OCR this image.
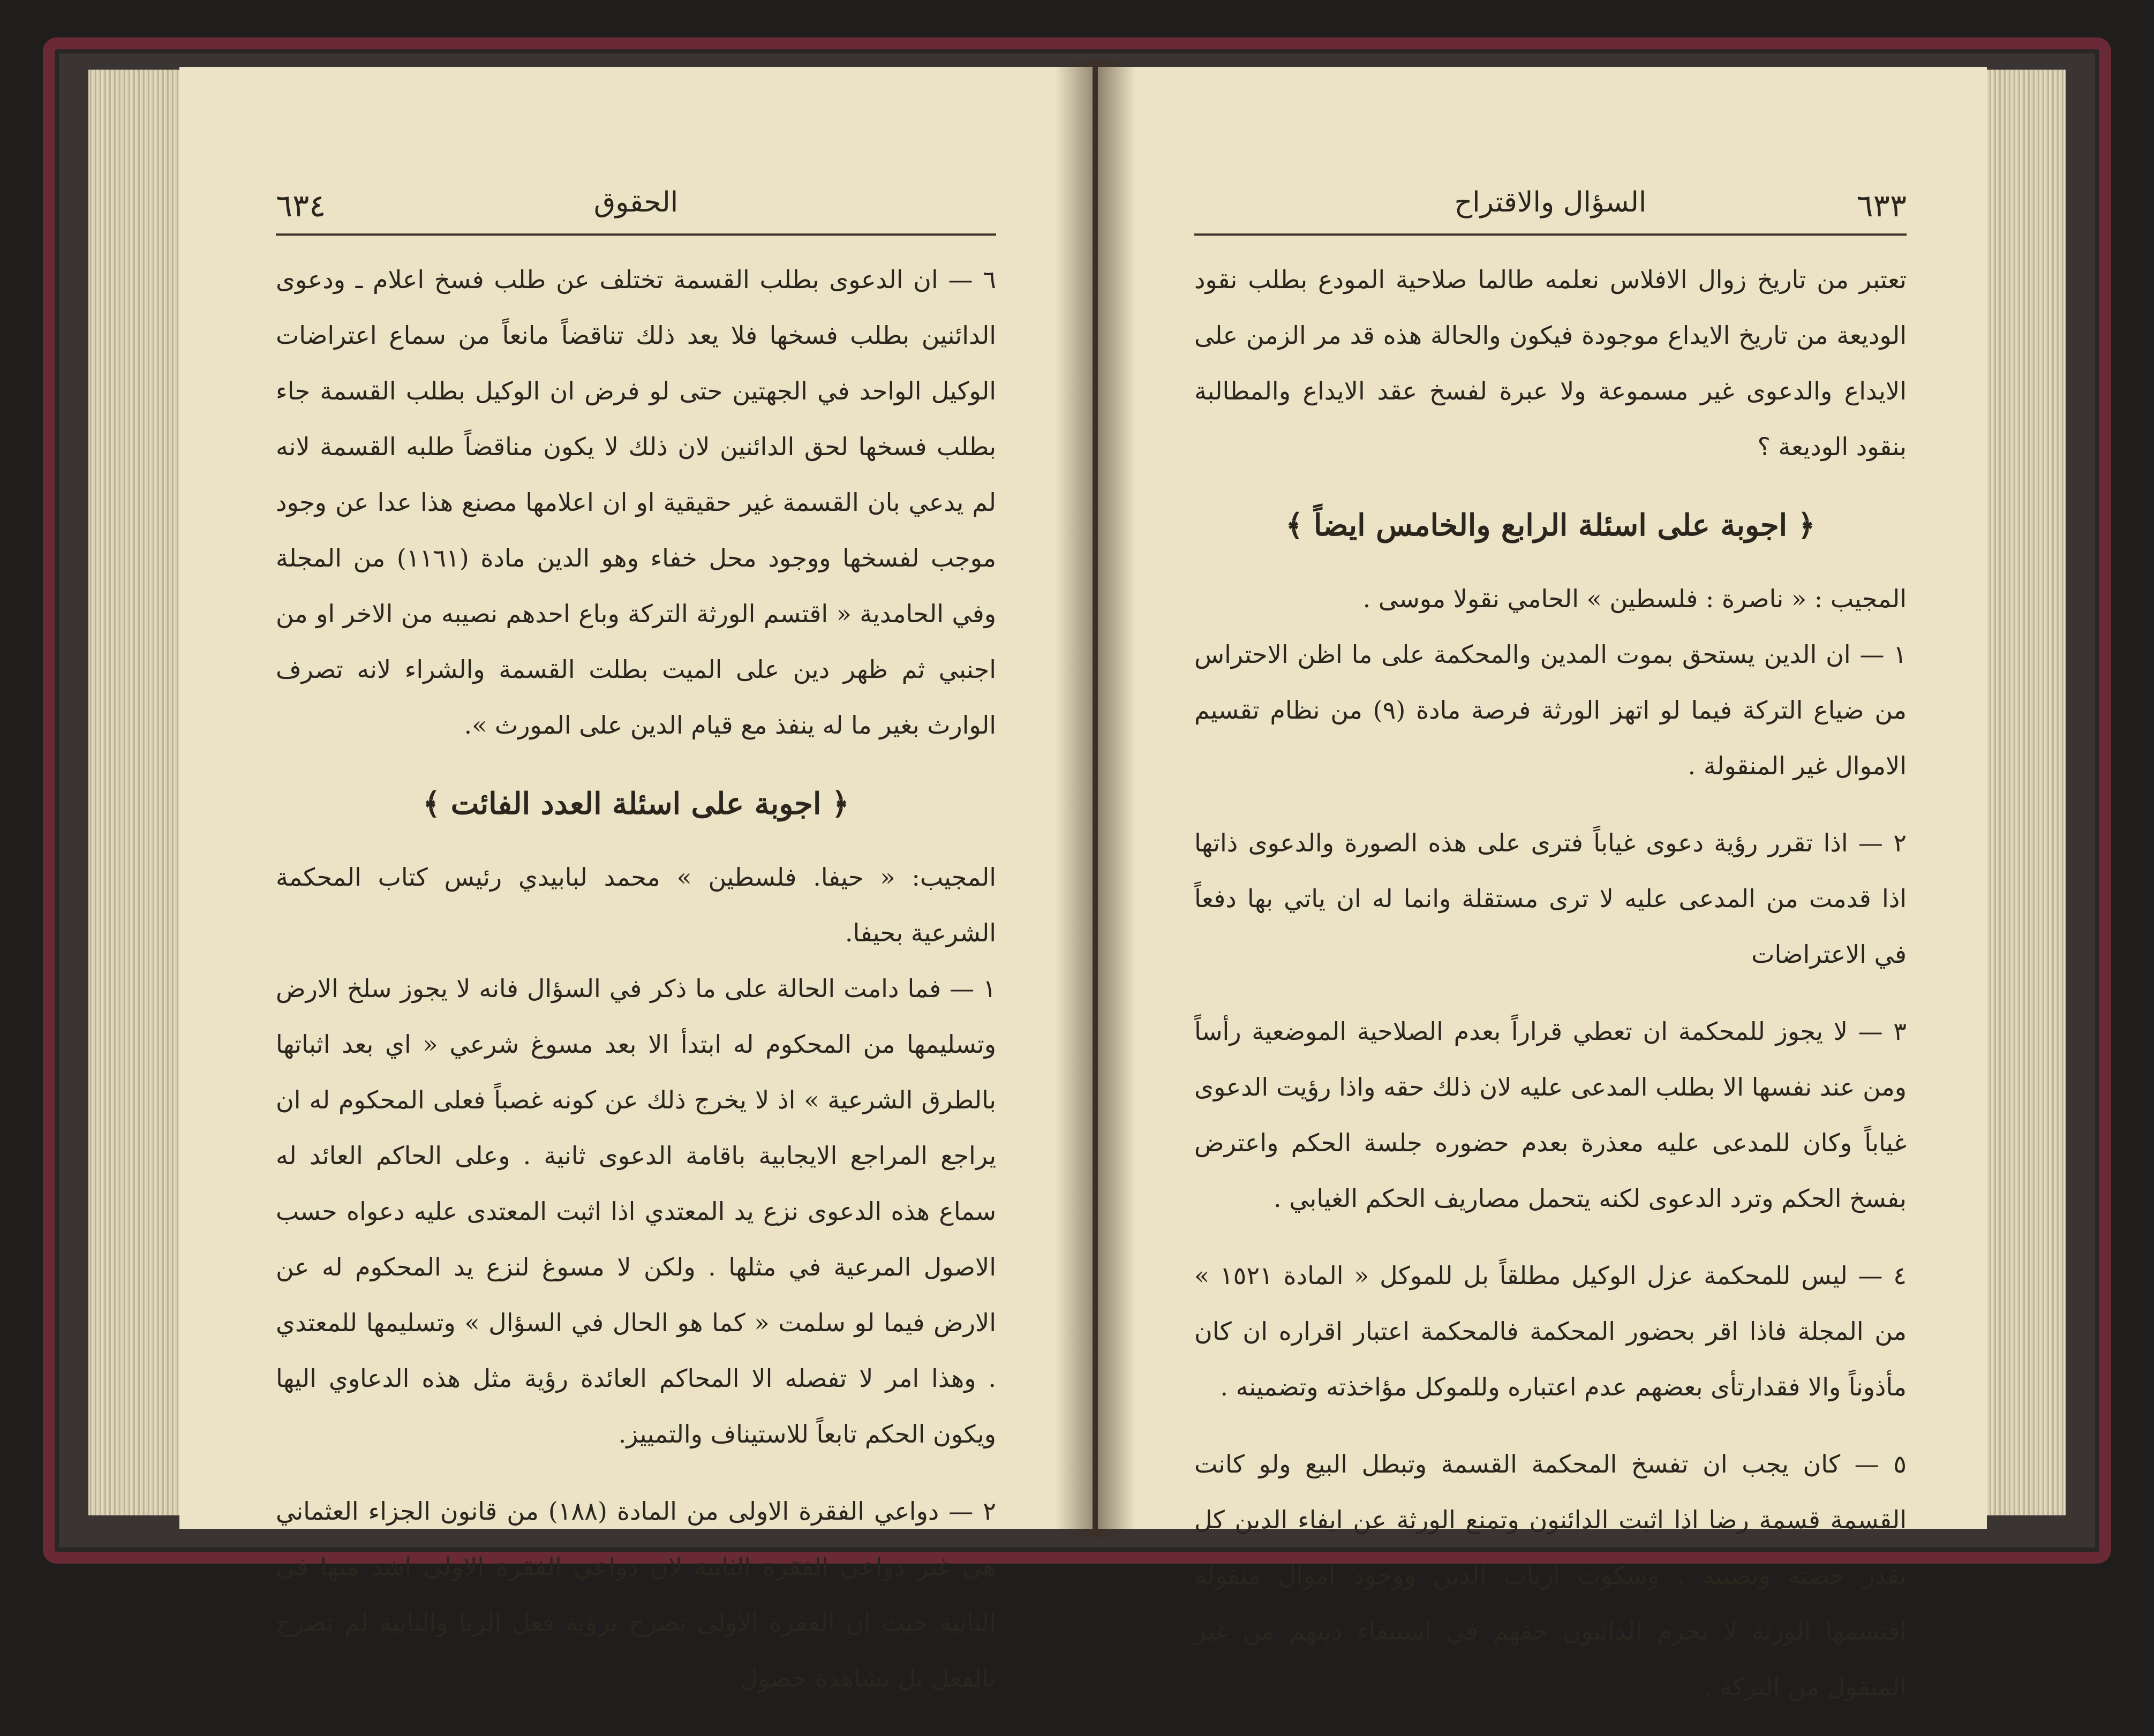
٦٣٤	الحقوق

٦ — ان الدعوى بطلب القسمة تختلف عن طلب فسخ اعلام ـ ودعوى الدائنين بطلب فسخها فلا يعد ذلك تناقضاً مانعاً من سماع اعتراضات الوكيل الواحد في الجهتين حتى لو فرض ان الوكيل بطلب القسمة جاء بطلب فسخها لحق الدائنين لان ذلك لا يكون مناقضاً طلبه القسمة لانه لم يدعي بان القسمة غير حقيقية او ان اعلامها مصنع هذا عدا عن وجود موجب لفسخها ووجود محل خفاء وهو الدين مادة (١١٦١) من المجلة وفي الحامدية « اقتسم الورثة التركة وباع احدهم نصيبه من الاخر او من اجنبي ثم ظهر دين على الميت بطلت القسمة والشراء لانه تصرف الوارث بغير ما له ينفذ مع قيام الدين على المورث ».

﴿ اجوبة على اسئلة العدد الفائت ﴾

المجيب: « حيفا. فلسطين » محمد لبابيدي رئيس كتاب المحكمة الشرعية بحيفا.

١ — فما دامت الحالة على ما ذكر في السؤال فانه لا يجوز سلخ الارض وتسليمها من المحكوم له ابتدأ الا بعد مسوغ شرعي « اي بعد اثباتها بالطرق الشرعية » اذ لا يخرج ذلك عن كونه غصباً فعلى المحكوم له ان يراجع المراجع الايجابية باقامة الدعوى ثانية . وعلى الحاكم العائد له سماع هذه الدعوى نزع يد المعتدي اذا اثبت المعتدى عليه دعواه حسب الاصول المرعية في مثلها . ولكن لا مسوغ لنزع يد المحكوم له عن الارض فيما لو سلمت « كما هو الحال في السؤال » وتسليمها للمعتدي . وهذا امر لا تفصله الا المحاكم العائدة رؤية مثل هذه الدعاوي اليها ويكون الحكم تابعاً للاستيناف والتمييز.

٢ — دواعي الفقرة الاولى من المادة (١٨٨) من قانون الجزاء العثماني هي غير دواعي الفقرة الثانية لان دواعي الفقرة الاولى اشد منها في الثانية حيث ان الفقرة الاولى تصرح برؤية فعل الزنا والثانية لم تصرح بالفعل بل بشاهدة حصول

٦٣٣
السؤال والاقتراح

تعتبر من تاريخ زوال الافلاس نعلمه طالما صلاحية المودع بطلب نقود الوديعة من تاريخ الايداع موجودة فيكون والحالة هذه قد مر الزمن على الايداع والدعوى غير مسموعة ولا عبرة لفسخ عقد الايداع والمطالبة بنقود الوديعة ؟

﴿ اجوبة على اسئلة الرابع والخامس ايضاً ﴾

المجيب : « ناصرة : فلسطين » الحامي نقولا موسى .

١ — ان الدين يستحق بموت المدين والمحكمة على ما اظن الاحتراس من ضياع التركة فيما لو اتهز الورثة فرصة مادة (٩) من نظام تقسيم الاموال غير المنقولة .

٢ — اذا تقرر رؤية دعوى غياباً فترى على هذه الصورة والدعوى ذاتها اذا قدمت من المدعى عليه لا ترى مستقلة وانما له ان ياتي بها دفعاً في الاعتراضات

٣ — لا يجوز للمحكمة ان تعطي قراراً بعدم الصلاحية الموضعية رأساً ومن عند نفسها الا بطلب المدعى عليه لان ذلك حقه واذا رؤيت الدعوى غياباً وكان للمدعى عليه معذرة بعدم حضوره جلسة الحكم واعترض بفسخ الحكم وترد الدعوى لكنه يتحمل مصاريف الحكم الغيابي .

٤ — ليس للمحكمة عزل الوكيل مطلقاً بل للموكل « المادة ١٥٢١ » من المجلة فاذا اقر بحضور المحكمة فالمحكمة اعتبار اقراره ان كان مأذوناً والا فقدارتأى بعضهم عدم اعتباره وللموكل مؤاخذته وتضمينه .

٥ — كان يجب ان تفسخ المحكمة القسمة وتبطل البيع ولو كانت القسمة قسمة رضا اذا اثبت الدائنون وتمنع الورثة عن ايفاء الدين كل بقدر حصته ونصيبه . وسكوت ارباب الدين ووجود اموال منقولة اقتسمها الورثة لا يحرم الدائنون حقهم في استيفاء دينهم من غير المنقول من التركة .
